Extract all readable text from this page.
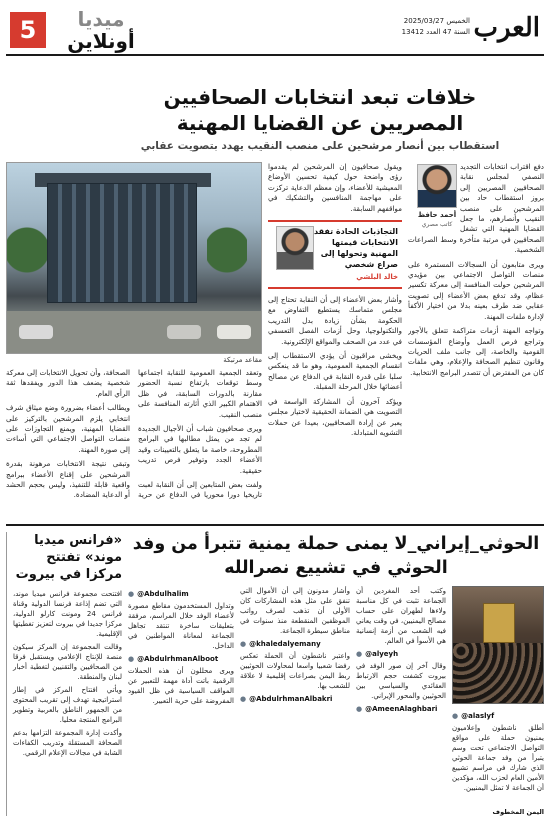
العرب
الخميس 2025/03/27
السنة 47 العدد 13412
ميديا
أونلاين
5
خلافات تبعد انتخابات الصحافيين المصريين عن القضايا المهنية
استقطاب بين أنصار مرشحين على منصب النقيب يهدد بتصويت عقابي
أحمد حافظ
كاتب مصري

دفع اقتراب انتخابات التجديد النصفي لمجلس نقابة الصحافيين المصريين إلى بروز استقطاب حاد بين المرشحين على منصب النقيب وأنصارهم، ما جعل القضايا المهنية التي تشغل الصحافيين في مرتبة متأخرة وسط الصراعات الشخصية.

ويرى متابعون أن السجالات المستمرة على منصات التواصل الاجتماعي بين مؤيدي المرشحين حولت المنافسة إلى معركة تكسير عظام، وقد تدفع بعض الأعضاء إلى تصويت عقابي ضد طرف بعينه بدلا من اختيار الأكفأ لإدارة ملفات المهنة.

وتواجه المهنة أزمات متراكمة تتعلق بالأجور وتراجع فرص العمل وأوضاع المؤسسات القومية والخاصة، إلى جانب ملف الحريات وقانون تنظيم الصحافة والإعلام، وهي ملفات كان من المفترض أن تتصدر البرامج الانتخابية.

ويقول صحافيون إن المرشحين لم يقدموا رؤى واضحة حول كيفية تحسين الأوضاع المعيشية للأعضاء، وإن معظم الدعاية تركزت على مهاجمة المنافسين والتشكيك في مواقفهم السابقة.

التجاذبات الحادة تفقد الانتخابات قيمتها المهنية وتحولها إلى صراع شخصي
خالد البلشي

وأشار بعض الأعضاء إلى أن النقابة تحتاج إلى مجلس متماسك يستطيع التفاوض مع الحكومة بشأن زيادة بدل التدريب والتكنولوجيا، وحل أزمات الفصل التعسفي في عدد من الصحف والمواقع الإلكترونية.

ويخشى مراقبون أن يؤدي الاستقطاب إلى انقسام الجمعية العمومية، وهو ما قد ينعكس سلبا على قدرة النقابة في الدفاع عن مصالح أعضائها خلال المرحلة المقبلة.

ويؤكد آخرون أن المشاركة الواسعة في التصويت هي الضمانة الحقيقية لاختيار مجلس يعبر عن إرادة الصحافيين، بعيدا عن حملات التشويه المتبادلة.

مقاعد مرتبكة

وتعقد الجمعية العمومية للنقابة اجتماعها وسط توقعات بارتفاع نسبة الحضور مقارنة بالدورات السابقة، في ظل الاهتمام الكبير الذي أثارته المنافسة على منصب النقيب.

ويرى صحافيون شباب أن الأجيال الجديدة لم تجد من يمثل مطالبها في البرامج المطروحة، خاصة ما يتعلق بالتعيينات وقيد الأعضاء الجدد وتوفير فرص تدريب حقيقية.

ولفت بعض المتابعين إلى أن النقابة لعبت تاريخيا دورا محوريا في الدفاع عن حرية الصحافة، وأن تحويل الانتخابات إلى معركة شخصية يضعف هذا الدور ويفقدها ثقة الرأي العام.

ويطالب أعضاء بضرورة وضع ميثاق شرف انتخابي يلزم المرشحين بالتركيز على القضايا المهنية، ويمنع التجاوزات على منصات التواصل الاجتماعي التي أساءت إلى صورة المهنة.

وتبقى نتيجة الانتخابات مرهونة بقدرة المرشحين على إقناع الأعضاء ببرامج واقعية قابلة للتنفيذ، وليس بحجم الحشد أو الدعاية المضادة.

الحوثي_إيراني_لا يمنى حملة يمنية تتبرأ من وفد الحوثي في تشييع نصرالله
● @alaslyf

أطلق ناشطون وإعلاميون يمنيون حملة على مواقع التواصل الاجتماعي تحت وسم يتبرأ من وفد جماعة الحوثي الذي شارك في مراسم تشييع الأمين العام لحزب الله، مؤكدين أن الجماعة لا تمثل اليمنيين.

اليمن المخطوف

وكتب أحد المغردين أن الجماعة تثبت في كل مناسبة ولاءها لطهران على حساب مصالح اليمنيين، في وقت يعاني فيه الشعب من أزمة إنسانية هي الأسوأ في العالم.

● @alyeyh

وقال آخر إن صور الوفد في بيروت كشفت حجم الارتباط العقائدي والسياسي بين الحوثيين والمحور الإيراني.

● @AmeenAlaghbari

وأشار مدونون إلى أن الأموال التي تنفق على مثل هذه المشاركات كان الأولى أن تذهب لصرف رواتب الموظفين المنقطعة منذ سنوات في مناطق سيطرة الجماعة.

● @khaledalyemany

واعتبر ناشطون أن الحملة تعكس رفضا شعبيا واسعا لمحاولات الحوثيين ربط اليمن بصراعات إقليمية لا علاقة للشعب بها.

● @AbdulrhmanAlbakri
● @Abdulhalim

وتداول المستخدمون مقاطع مصورة لأعضاء الوفد خلال المراسم، مرفقة بتعليقات ساخرة تنتقد تجاهل الجماعة لمعاناة المواطنين في الداخل.

● @AbdulrhmanAlboot

ويرى محللون أن هذه الحملات الرقمية باتت أداة مهمة للتعبير عن المواقف السياسية في ظل القيود المفروضة على حرية التعبير.

«فرانس ميديا موند» تفتتح مركزا في بيروت

افتتحت مجموعة فرانس ميديا موند، التي تضم إذاعة فرنسا الدولية وقناة فرانس 24 ومونت كارلو الدولية، مركزا جديدا في بيروت لتعزيز تغطيتها الإقليمية.

وقالت المجموعة إن المركز سيكون منصة للإنتاج الإعلامي ويستقبل فرقا من الصحافيين والتقنيين لتغطية أخبار لبنان والمنطقة.

ويأتي افتتاح المركز في إطار استراتيجية تهدف إلى تقريب المحتوى من الجمهور الناطق بالعربية وتطوير البرامج المنتجة محليا.

وأكدت إدارة المجموعة التزامها بدعم الصحافة المستقلة وتدريب الكفاءات الشابة في مجالات الإعلام الرقمي.
